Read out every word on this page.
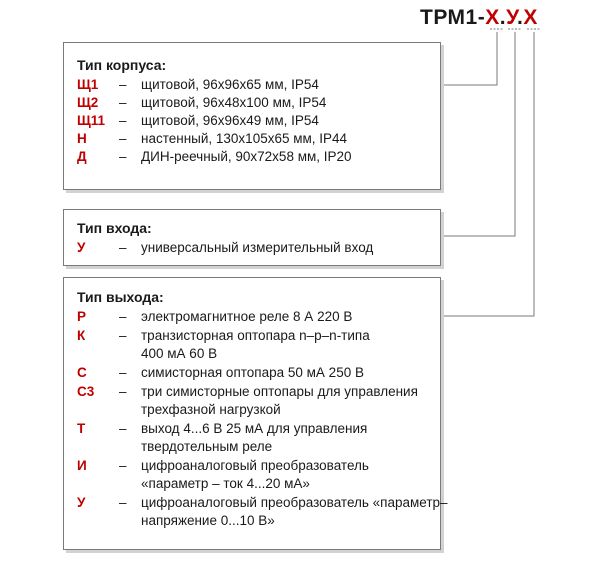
ТРМ1-Х.У.Х
Тип корпуса:
Щ1	–	щитовой, 96х96х65 мм, IP54
Щ2	–	щитовой, 96х48х100 мм, IP54
Щ11	–	щитовой, 96х96х49 мм, IP54
Н	–	настенный, 130х105х65 мм, IP44
Д	–	ДИН-реечный, 90х72х58 мм, IP20
Тип входа:
У	–	универсальный измерительный вход
Тип выхода:
Р	–	электромагнитное реле 8 А 220 В
К	–	транзисторная оптопара n–p–n-типа
400 мА 60 В
С	–	симисторная оптопара 50 мА 250 В
С3	–	три симисторные оптопары для управления
трехфазной нагрузкой
Т	–	выход 4...6 В 25 мА для управления
твердотельным реле
И	–	цифроаналоговый преобразователь
«параметр – ток 4...20 мА»
У	–	цифроаналоговый преобразователь «параметр–
напряжение 0...10 В»
